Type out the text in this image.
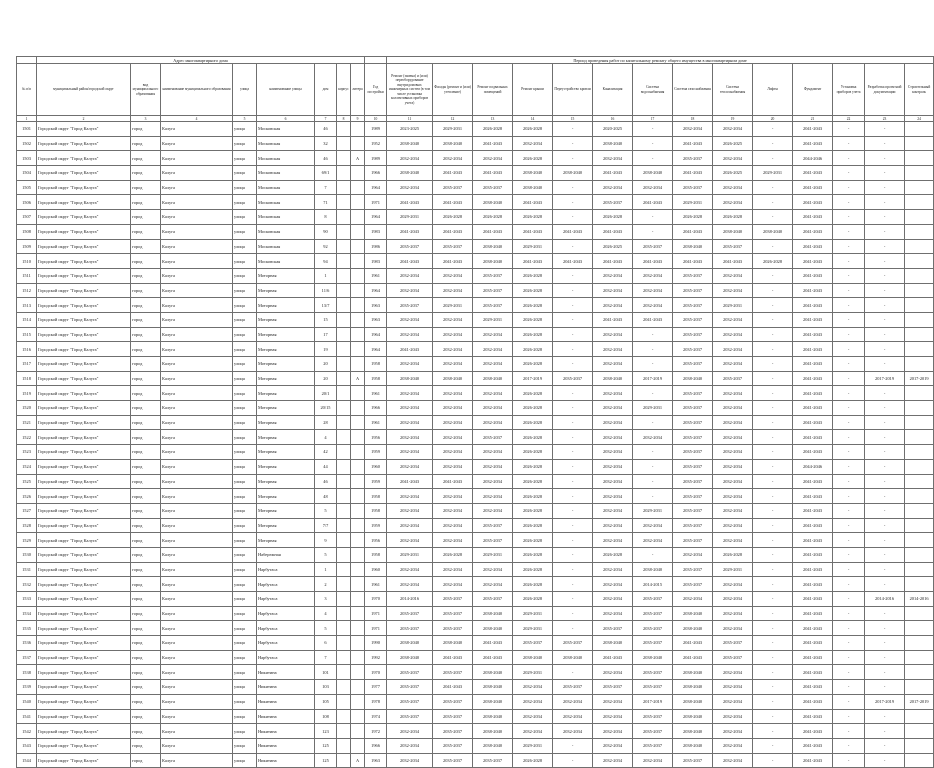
	Адрес многоквартирного дома									Период проведения работ по капитальному ремонту общего имущества в многоквартирном доме													
№ п/п	муниципальный район/городской округ	вид муниципального образования	наименование муниципального образования	улица	наименование улицы	дом	корпус	литера	Год постройки	Ремонт (замена) и (или) переоборудование внутридомовых инженерных систем (в том числе установка коллективных приборов учета)	Фасады (ремонт и (или) утепление)	Ремонт подвальных помещений	Ремонт крыши	Переустройство кровли	Канализация	Система водоснабжения	Система газоснабжения	Система теплоснабжения	Лифты	Фундамент	Установка приборов учета	Разработка проектной документации	Строительный контроль
1	2	3	4	5	6	7	8	9	10	11	12	13	14	15	16	17	18	19	20	21	22	23	24
1501	Городской округ "Город Калуга"	город	Калуга	улица	Московская	46			1989	2023-2025	2029-2031	2026-2028	2026-2028	-	2020-2025	-	2032-2034	2032-2034	-	2041-2043	-	-	
1502	Городской округ "Город Калуга"	город	Калуга	улица	Московская	32			1952	2038-2040	2038-2040	2041-2043	2032-2034	-	2038-2040	-	2041-2043	2026-2025	-	2041-2043	-	-	
1503	Городской округ "Город Калуга"	город	Калуга	улица	Московская	46		А	1989	2032-2034	2032-2034	2032-2034	2026-2028	-	2032-2034	-	2035-2037	2032-2034	-	2044-2046	-	-	
1504	Городской округ "Город Калуга"	город	Калуга	улица	Московская	69/1			1966	2038-2040	2041-2043	2041-2043	2038-2040	2038-2040	2041-2043	2038-2040	2041-2043	2026-2025	2029-2031	2041-2043	-	-	
1505	Городской округ "Город Калуга"	город	Калуга	улица	Московская	7			1964	2032-2034	2035-2037	2035-2037	2038-2040	-	2032-2034	2032-2034	2035-2037	2032-2034	-	2041-2043	-	-	
1506	Городской округ "Город Калуга"	город	Калуга	улица	Московская	71			1971	2041-2043	2041-2043	2038-2040	2041-2043	-	2035-2037	2041-2043	2029-2031	2032-2034	-	2041-2043	-	-	
1507	Городской округ "Город Калуга"	город	Калуга	улица	Московская	8			1964	2029-2031	2026-2028	2026-2028	2026-2028	-	2026-2028	-	2026-2028	2026-2028	-	2041-2043	-	-	
1508	Городской округ "Город Калуга"	город	Калуга	улица	Московская	90			1983	2041-2043	2041-2043	2041-2043	2041-2043	2041-2043	2041-2043	-	2041-2043	2038-2040	2038-2040	2041-2043	-	-	
1509	Городской округ "Город Калуга"	город	Калуга	улица	Московская	92			1986	2035-2037	2035-2037	2038-2040	2029-2031	-	2026-2025	2035-2037	2038-2040	2035-2037	-	2041-2043	-	-	
1510	Городской округ "Город Калуга"	город	Калуга	улица	Московская	94			1983	2041-2043	2041-2043	2038-2040	2041-2043	2041-2043	2041-2043	2041-2043	2041-2043	2041-2043	2026-2028	2041-2043	-	-	
1511	Городской округ "Город Калуга"	город	Калуга	улица	Моторная	1			1961	2032-2034	2032-2034	2035-2037	2026-2028	-	2032-2034	2032-2034	2035-2037	2032-2034	-	2041-2043	-	-	
1512	Городской округ "Город Калуга"	город	Калуга	улица	Моторная	11/6			1964	2032-2034	2032-2034	2035-2037	2026-2028	-	2032-2034	2032-2034	2035-2037	2032-2034	-	2041-2043	-	-	
1513	Городской округ "Город Калуга"	город	Калуга	улица	Моторная	13/7			1963	2035-2037	2029-2031	2035-2037	2026-2028	-	2032-2034	2032-2034	2035-2037	2029-2031	-	2041-2043	-	-	
1514	Городской округ "Город Калуга"	город	Калуга	улица	Моторная	15			1963	2032-2034	2032-2034	2029-2031	2026-2028	-	2041-2043	2041-2043	2035-2037	2032-2034	-	2041-2043	-	-	
1515	Городской округ "Город Калуга"	город	Калуга	улица	Моторная	17			1964	2032-2034	2032-2034	2032-2034	2026-2028	-	2032-2034	-	2035-2037	2032-2034	-	2041-2043	-	-	
1516	Городской округ "Город Калуга"	город	Калуга	улица	Моторная	19			1964	2041-2043	2032-2034	2032-2034	2026-2028	-	2032-2034	-	2035-2037	2032-2034	-	2041-2043	-	-	
1517	Городской округ "Город Калуга"	город	Калуга	улица	Моторная	20			1958	2032-2034	2032-2034	2032-2034	2026-2028	-	2032-2034	-	2035-2037	2032-2034	-	2041-2043	-	-	
1518	Городской округ "Город Калуга"	город	Калуга	улица	Моторная	20		А	1958	2038-2040	2038-2040	2038-2040	2017-2019	2035-2037	2038-2040	2017-2019	2038-2040	2035-2037	-	2041-2043	-	2017-2019	2017-2019
1519	Городской округ "Город Калуга"	город	Калуга	улица	Моторная	20/1			1961	2032-2034	2032-2034	2032-2034	2026-2028	-	2032-2034	-	2035-2037	2032-2034	-	2041-2043	-	-	
1520	Городской округ "Город Калуга"	город	Калуга	улица	Моторная	20/15			1966	2032-2034	2032-2034	2032-2034	2026-2028	-	2032-2034	2029-2031	2035-2037	2032-2034	-	2041-2043	-	-	
1521	Городской округ "Город Калуга"	город	Калуга	улица	Моторная	28			1961	2032-2034	2032-2034	2032-2034	2026-2028	-	2032-2034	-	2035-2037	2032-2034	-	2041-2043	-	-	
1522	Городской округ "Город Калуга"	город	Калуга	улица	Моторная	4			1956	2032-2034	2032-2034	2035-2037	2026-2028	-	2032-2034	2032-2034	2035-2037	2032-2034	-	2041-2043	-	-	
1523	Городской округ "Город Калуга"	город	Калуга	улица	Моторная	42			1959	2032-2034	2032-2034	2032-2034	2026-2028	-	2032-2034	-	2035-2037	2032-2034	-	2041-2043	-	-	
1524	Городской округ "Город Калуга"	город	Калуга	улица	Моторная	44			1960	2032-2034	2032-2034	2032-2034	2026-2028	-	2032-2034	-	2035-2037	2032-2034	-	2044-2046	-	-	
1525	Городской округ "Город Калуга"	город	Калуга	улица	Моторная	46			1959	2041-2043	2041-2043	2032-2034	2026-2028	-	2032-2034	-	2035-2037	2032-2034	-	2041-2043	-	-	
1526	Городской округ "Город Калуга"	город	Калуга	улица	Моторная	48			1958	2032-2034	2032-2034	2032-2034	2026-2028	-	2032-2034	-	2035-2037	2032-2034	-	2041-2043	-	-	
1527	Городской округ "Город Калуга"	город	Калуга	улица	Моторная	5			1958	2032-2034	2032-2034	2032-2034	2026-2028	-	2032-2034	2029-2031	2035-2037	2032-2034	-	2041-2043	-	-	
1528	Городской округ "Город Калуга"	город	Калуга	улица	Моторная	7/7			1959	2032-2034	2032-2034	2035-2037	2026-2028	-	2032-2034	2032-2034	2035-2037	2032-2034	-	2041-2043	-	-	
1529	Городской округ "Город Калуга"	город	Калуга	улица	Моторная	9			1956	2032-2034	2032-2034	2035-2037	2026-2028	-	2032-2034	2032-2034	2035-2037	2032-2034	-	2041-2043	-	-	
1530	Городской округ "Город Калуга"	город	Калуга	улица	Набережная	5			1958	2029-2031	2026-2028	2029-2031	2026-2028	-	2026-2028	-	2032-2034	2026-2028	-	2041-2043	-	-	
1531	Городской округ "Город Калуга"	город	Калуга	улица	Нарбутаса	1			1960	2032-2034	2032-2034	2032-2034	2026-2028	-	2032-2034	2038-2040	2035-2037	2029-2031	-	2041-2043	-	-	
1532	Городской округ "Город Калуга"	город	Калуга	улица	Нарбутаса	2			1961	2032-2034	2032-2034	2032-2034	2026-2028	-	2032-2034	2014-2015	2035-2037	2032-2034	-	2041-2043	-	-	
1533	Городской округ "Город Калуга"	город	Калуга	улица	Нарбутаса	3			1970	2014-2016	2035-2037	2035-2037	2026-2028	-	2032-2034	2035-2037	2032-2034	2032-2034	-	2041-2043	-	2014-2016	2014-2016
1534	Городской округ "Город Калуга"	город	Калуга	улица	Нарбутаса	4			1971	2035-2037	2035-2037	2038-2040	2029-2031	-	2032-2034	2035-2037	2038-2040	2032-2034	-	2041-2043	-	-	
1535	Городской округ "Город Калуга"	город	Калуга	улица	Нарбутаса	5			1971	2035-2037	2035-2037	2038-2040	2029-2031	-	2035-2037	2035-2037	2038-2040	2032-2034	-	2041-2043	-	-	
1536	Городской округ "Город Калуга"	город	Калуга	улица	Нарбутаса	6			1990	2038-2040	2038-2040	2041-2043	2035-2037	2035-2037	2038-2040	2035-2037	2041-2043	2035-2037	-	2041-2043	-	-	
1537	Городской округ "Город Калуга"	город	Калуга	улица	Нарбутаса	7			1992	2038-2040	2041-2043	2041-2043	2038-2040	2038-2040	2041-2043	2038-2040	2041-2043	2035-2037	-	2041-2043	-	-	
1538	Городской округ "Город Калуга"	город	Калуга	улица	Никитина	101			1970	2035-2037	2035-2037	2038-2040	2029-2031	-	2032-2034	2035-2037	2038-2040	2032-2034	-	2041-2043	-	-	
1539	Городской округ "Город Калуга"	город	Калуга	улица	Никитина	103			1977	2035-2037	2041-2043	2038-2040	2032-2034	2035-2037	2035-2037	2035-2037	2038-2040	2032-2034	-	2041-2043	-	-	
1540	Городской округ "Город Калуга"	город	Калуга	улица	Никитина	105			1978	2035-2037	2035-2037	2038-2040	2032-2034	2032-2034	2032-2034	2017-2019	2038-2040	2032-2034	-	2041-2043	-	2017-2019	2017-2019
1541	Городской округ "Город Калуга"	город	Калуга	улица	Никитина	108			1974	2035-2037	2035-2037	2038-2040	2032-2034	2032-2034	2032-2034	2035-2037	2038-2040	2032-2034	-	2041-2043	-	-	
1542	Городской округ "Город Калуга"	город	Калуга	улица	Никитина	123			1972	2032-2034	2035-2037	2038-2040	2032-2034	2032-2034	2032-2034	2035-2037	2038-2040	2032-2034	-	2041-2043	-	-	
1543	Городской округ "Город Калуга"	город	Калуга	улица	Никитина	125			1966	2032-2034	2035-2037	2038-2040	2029-2031	-	2032-2034	2035-2037	2038-2040	2032-2034	-	2041-2043	-	-	
1544	Городской округ "Город Калуга"	город	Калуга	улица	Никитина	125		А	1963	2032-2034	2035-2037	2035-2037	2026-2028	-	2032-2034	2032-2034	2035-2037	2032-2034	-	2041-2043	-	-	
